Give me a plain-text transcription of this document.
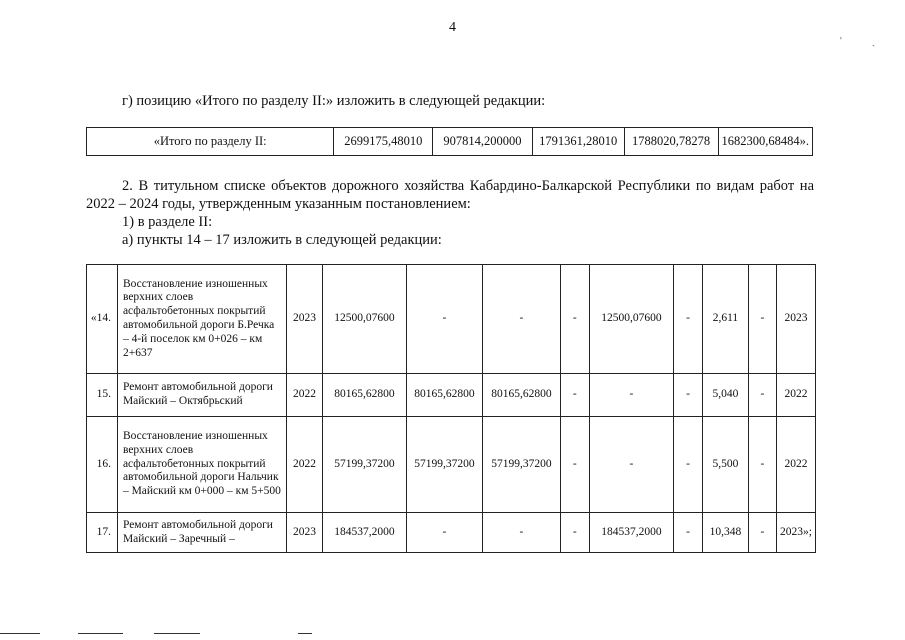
4
'ˎ
г) позицию «Итого по разделу II:» изложить в следующей редакции:
«Итого по разделу II:	2699175,48010	907814,200000	1791361,28010	1788020,78278	1682300,68484».
2. В титульном списке объектов дорожного хозяйства Кабардино-Балкарской Республики по видам работ на 2022 – 2024 годы, утвержденным указанным постановлением:
1) в разделе II:
а) пункты 14 – 17 изложить в следующей редакции:
«14.	Восстановление изношенных верхних слоев асфальтобетонных покрытий автомобильной дороги Б.Речка – 4-й поселок км 0+026 – км 2+637	2023	12500,07600	-	-	-	12500,07600	-	2,611	-	2023
15.	Ремонт автомобильной дороги Майский – Октябрьский	2022	80165,62800	80165,62800	80165,62800	-	-	-	5,040	-	2022
16.	Восстановление изношенных верхних слоев асфальтобетонных покрытий автомобильной дороги Нальчик – Майский км 0+000 – км 5+500	2022	57199,37200	57199,37200	57199,37200	-	-	-	5,500	-	2022
17.	Ремонт автомобильной дороги Майский – Заречный –	2023	184537,2000	-	-	-	184537,2000	-	10,348	-	2023»;
